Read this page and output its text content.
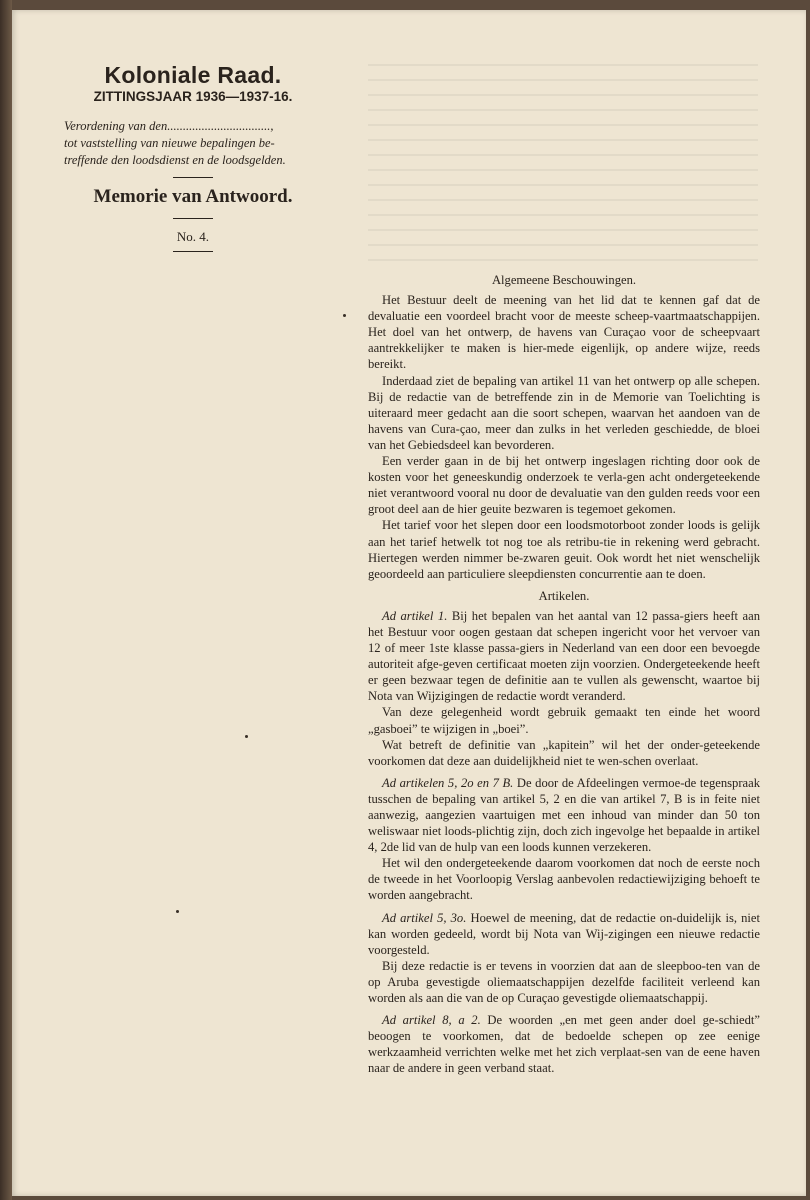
Koloniale Raad.
ZITTINGSJAAR 1936—1937-16.
Verordening van den.................................,
tot vaststelling van nieuwe bepalingen be-
treffende den loodsdienst en de loodsgelden.
Memorie van Antwoord.
No. 4.
Algemeene Beschouwingen.

Het Bestuur deelt de meening van het lid dat te kennen gaf dat de devaluatie een voordeel bracht voor de meeste scheep-vaartmaatschappijen. Het doel van het ontwerp, de havens van Curaçao voor de scheepvaart aantrekkelijker te maken is hier-mede eigenlijk, op andere wijze, reeds bereikt.

Inderdaad ziet de bepaling van artikel 11 van het ontwerp op alle schepen. Bij de redactie van de betreffende zin in de Memorie van Toelichting is uiteraard meer gedacht aan die soort schepen, waarvan het aandoen van de havens van Cura-çao, meer dan zulks in het verleden geschiedde, de bloei van het Gebiedsdeel kan bevorderen.

Een verder gaan in de bij het ontwerp ingeslagen richting door ook de kosten voor het geneeskundig onderzoek te verla-gen acht ondergeteekende niet verantwoord vooral nu door de devaluatie van den gulden reeds voor een groot deel aan de hier geuite bezwaren is tegemoet gekomen.

Het tarief voor het slepen door een loodsmotorboot zonder loods is gelijk aan het tarief hetwelk tot nog toe als retribu-tie in rekening werd gebracht. Hiertegen werden nimmer be-zwaren geuit. Ook wordt het niet wenschelijk geoordeeld aan particuliere sleepdiensten concurrentie aan te doen.

Artikelen.

Ad artikel 1. Bij het bepalen van het aantal van 12 passa-giers heeft aan het Bestuur voor oogen gestaan dat schepen ingericht voor het vervoer van 12 of meer 1ste klasse passa-giers in Nederland van een door een bevoegde autoriteit afge-geven certificaat moeten zijn voorzien. Ondergeteekende heeft er geen bezwaar tegen de definitie aan te vullen als gewenscht, waartoe bij Nota van Wijzigingen de redactie wordt veranderd.

Van deze gelegenheid wordt gebruik gemaakt ten einde het woord „gasboei” te wijzigen in „boei”.

Wat betreft de definitie van „kapitein” wil het der onder-geteekende voorkomen dat deze aan duidelijkheid niet te wen-schen overlaat.

Ad artikelen 5, 2o en 7 B. De door de Afdeelingen vermoe-de tegenspraak tusschen de bepaling van artikel 5, 2 en die van artikel 7, B is in feite niet aanwezig, aangezien vaartuigen met een inhoud van minder dan 50 ton weliswaar niet loods-plichtig zijn, doch zich ingevolge het bepaalde in artikel 4, 2de lid van de hulp van een loods kunnen verzekeren.

Het wil den ondergeteekende daarom voorkomen dat noch de eerste noch de tweede in het Voorloopig Verslag aanbevolen redactiewijziging behoeft te worden aangebracht.

Ad artikel 5, 3o. Hoewel de meening, dat de redactie on-duidelijk is, niet kan worden gedeeld, wordt bij Nota van Wij-zigingen een nieuwe redactie voorgesteld.

Bij deze redactie is er tevens in voorzien dat aan de sleepboo-ten van de op Aruba gevestigde oliemaatschappijen dezelfde faciliteit verleend kan worden als aan die van de op Curaçao gevestigde oliemaatschappij.

Ad artikel 8, a 2. De woorden „en met geen ander doel ge-schiedt” beoogen te voorkomen, dat de bedoelde schepen op zee eenige werkzaamheid verrichten welke met het zich verplaat-sen van de eene haven naar de andere in geen verband staat.
